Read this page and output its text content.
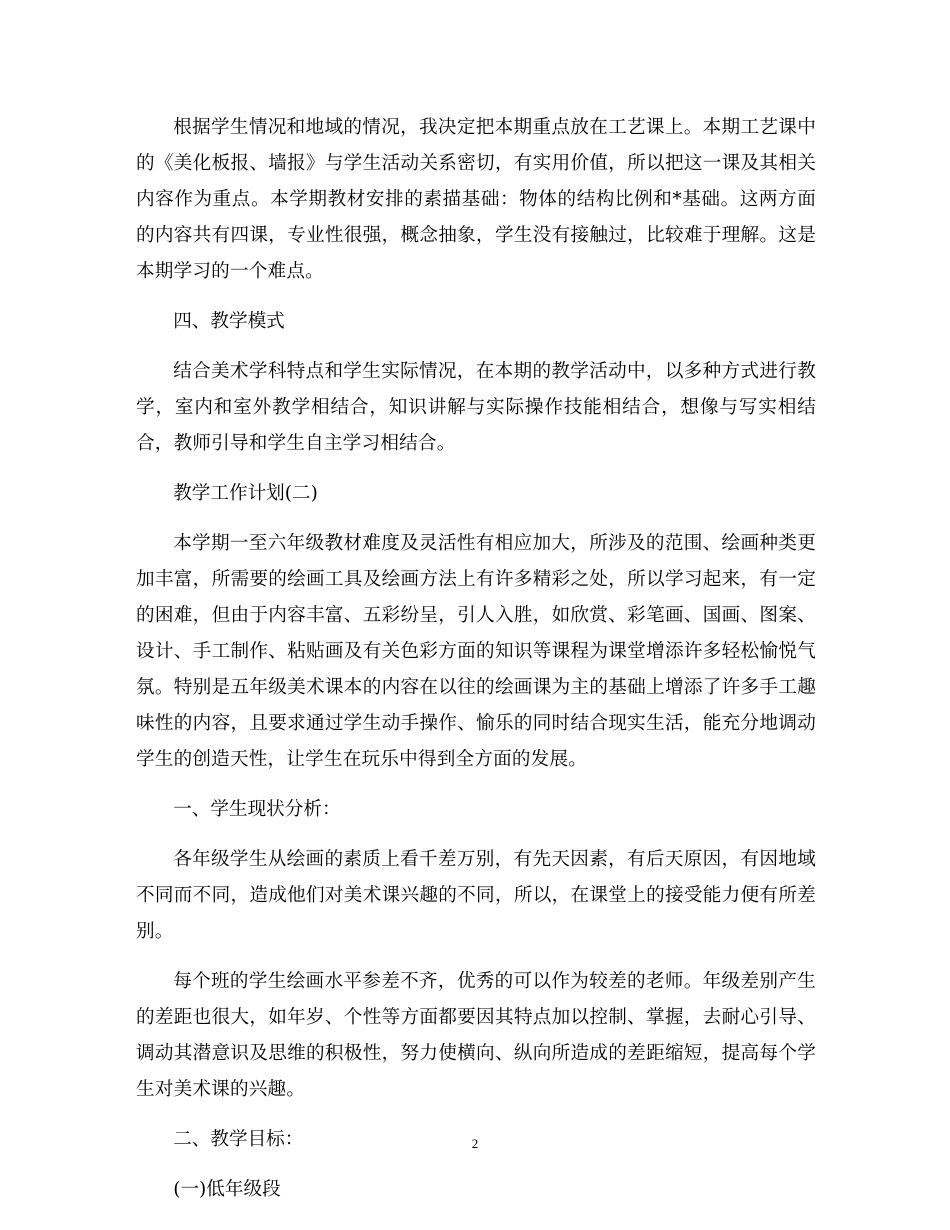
根据学生情况和地域的情况，我决定把本期重点放在工艺课上。本期工艺课中的《美化板报、墙报》与学生活动关系密切，有实用价值，所以把这一课及其相关内容作为重点。本学期教材安排的素描基础：物体的结构比例和*基础。这两方面的内容共有四课，专业性很强，概念抽象，学生没有接触过，比较难于理解。这是本期学习的一个难点。

四、教学模式

结合美术学科特点和学生实际情况，在本期的教学活动中，以多种方式进行教学，室内和室外教学相结合，知识讲解与实际操作技能相结合，想像与写实相结合，教师引导和学生自主学习相结合。

教学工作计划(二)

本学期一至六年级教材难度及灵活性有相应加大，所涉及的范围、绘画种类更加丰富，所需要的绘画工具及绘画方法上有许多精彩之处，所以学习起来，有一定的困难，但由于内容丰富、五彩纷呈，引人入胜，如欣赏、彩笔画、国画、图案、设计、手工制作、粘贴画及有关色彩方面的知识等课程为课堂增添许多轻松愉悦气氛。特别是五年级美术课本的内容在以往的绘画课为主的基础上增添了许多手工趣味性的内容，且要求通过学生动手操作、愉乐的同时结合现实生活，能充分地调动学生的创造天性，让学生在玩乐中得到全方面的发展。

一、学生现状分析：

各年级学生从绘画的素质上看千差万别，有先天因素，有后天原因，有因地域不同而不同，造成他们对美术课兴趣的不同，所以，在课堂上的接受能力便有所差别。

每个班的学生绘画水平参差不齐，优秀的可以作为较差的老师。年级差别产生的差距也很大，如年岁、个性等方面都要因其特点加以控制、掌握，去耐心引导、调动其潜意识及思维的积极性，努力使横向、纵向所造成的差距缩短，提高每个学生对美术课的兴趣。

二、教学目标：

(一)低年级段

2
